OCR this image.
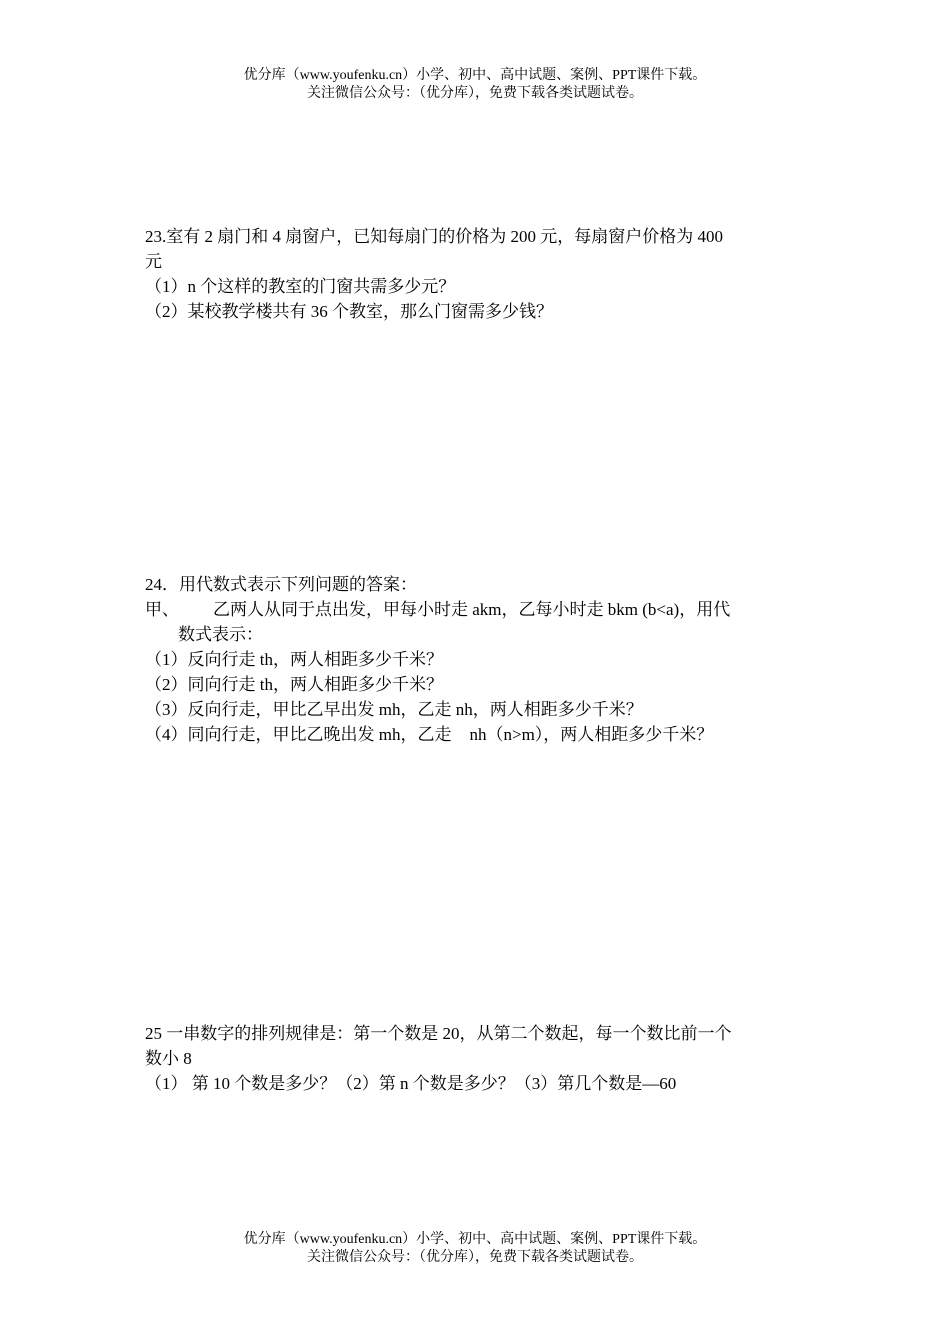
优分库（www.youfenku.cn）小学、初中、高中试题、案例、PPT课件下载。
关注微信公众号：（优分库），免费下载各类试题试卷。
23.室有 2 扇门和 4 扇窗户，已知每扇门的价格为 200 元，每扇窗户价格为 400
元
（1）n 个这样的教室的门窗共需多少元？
（2）某校教学楼共有 36 个教室，那么门窗需多少钱？
24．用代数式表示下列问题的答案：
甲、 乙两人从同于点出发，甲每小时走 akm，乙每小时走 bkm (b<a)，用代
数式表示：
（1）反向行走 th，两人相距多少千米？
（2）同向行走 th，两人相距多少千米？
（3）反向行走，甲比乙早出发 mh，乙走 nh，两人相距多少千米？
（4）同向行走，甲比乙晚出发 mh，乙走 nh（n>m），两人相距多少千米？
25 一串数字的排列规律是：第一个数是 20，从第二个数起，每一个数比前一个
数小 8
（1） 第 10 个数是多少？（2）第 n 个数是多少？（3）第几个数是—60
优分库（www.youfenku.cn）小学、初中、高中试题、案例、PPT课件下载。
关注微信公众号：（优分库），免费下载各类试题试卷。
